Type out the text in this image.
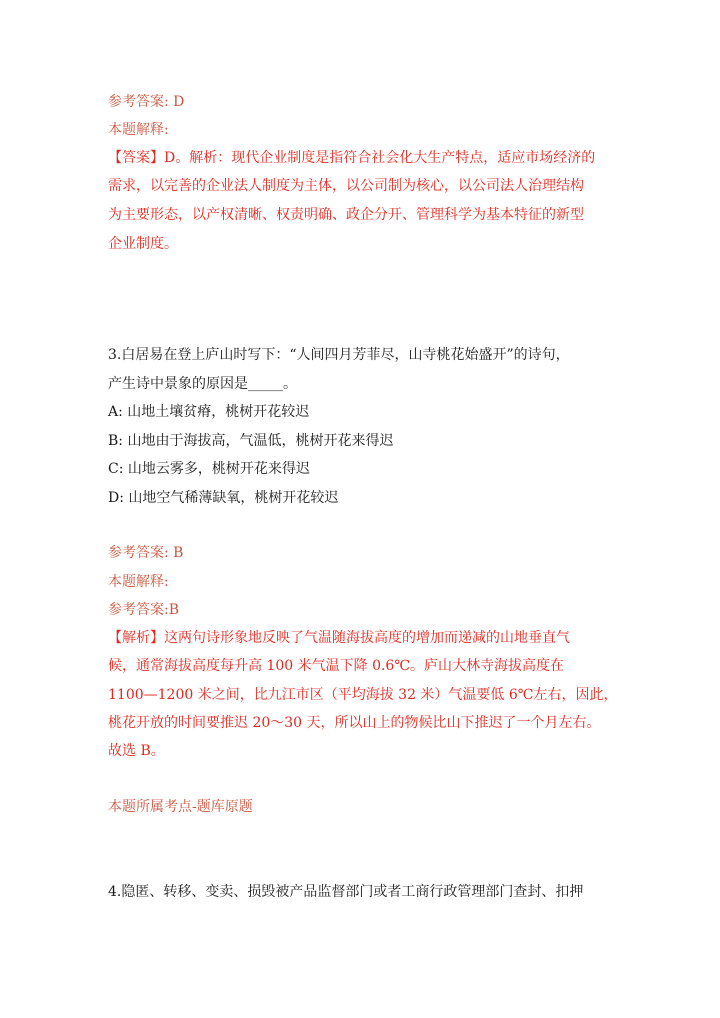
参考答案: D
本题解释:
【答案】D。解析：现代企业制度是指符合社会化大生产特点，适应市场经济的
需求，以完善的企业法人制度为主体，以公司制为核心，以公司法人治理结构
为主要形态，以产权清晰、权责明确、政企分开、管理科学为基本特征的新型
企业制度。
3.白居易在登上庐山时写下：“人间四月芳菲尽，山寺桃花始盛开”的诗句，
产生诗中景象的原因是_____。
A: 山地土壤贫瘠，桃树开花较迟
B: 山地由于海拔高，气温低，桃树开花来得迟
C: 山地云雾多，桃树开花来得迟
D: 山地空气稀薄缺氧，桃树开花较迟
参考答案: B
本题解释:
参考答案:B
【解析】这两句诗形象地反映了气温随海拔高度的增加而递减的山地垂直气
候，通常海拔高度每升高 100 米气温下降 0.6℃。庐山大林寺海拔高度在
1100—1200 米之间，比九江市区（平均海拔 32 米）气温要低 6℃左右，因此，
桃花开放的时间要推迟 20～30 天，所以山上的物候比山下推迟了一个月左右。
故选 B。
本题所属考点-题库原题
4.隐匿、转移、变卖、损毁被产品监督部门或者工商行政管理部门查封、扣押
